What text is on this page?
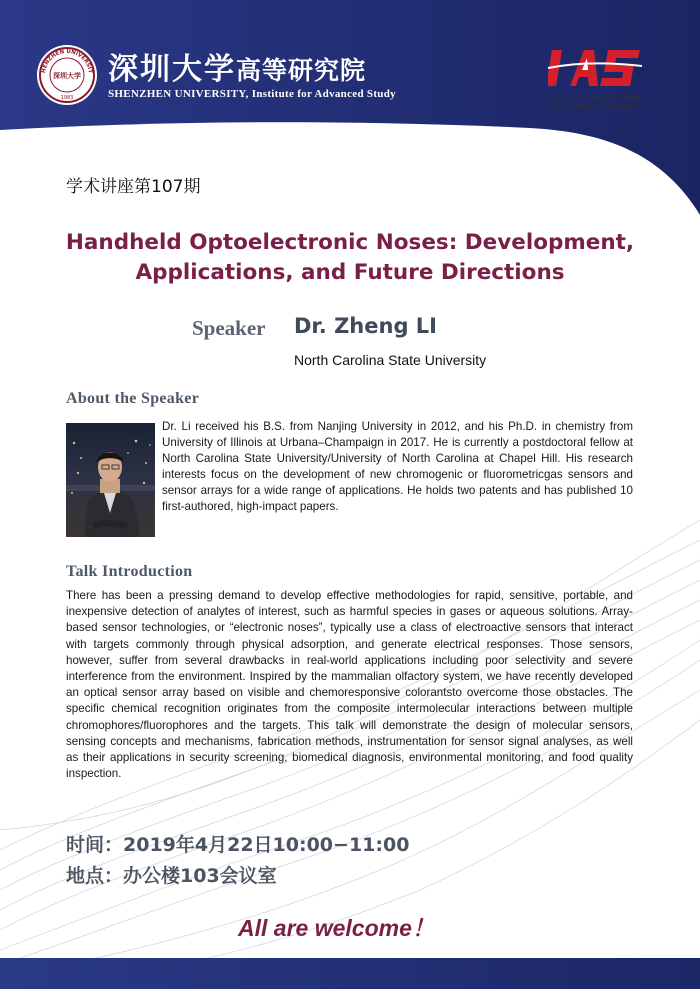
HENZHEN UNIVERSIT
深圳大学
1983
深圳大学高等研究院
SHENZHEN UNIVERSITY, Institute for Advanced Study	Institute for Advanced Study
SHENZHEN UNIVERSITY
学术讲座第107期
Handheld Optoelectronic Noses: Development,
Applications, and Future Directions
Speaker Dr. Zheng LI
North Carolina State University
About the Speaker
Dr. Li received his B.S. from Nanjing University in 2012, and his Ph.D. in chemistry from University of Illinois at Urbana–Champaign in 2017. He is currently a postdoctoral fellow at North Carolina State University/University of North Carolina at Chapel Hill. His research interests focus on the development of new chromogenic or fluorometricgas sensors and sensor arrays for a wide range of applications. He holds two patents and has published 10 first-authored, high-impact papers.
Talk Introduction
There has been a pressing demand to develop effective methodologies for rapid, sensitive, portable, and inexpensive detection of analytes of interest, such as harmful species in gases or aqueous solutions. Array-based sensor technologies, or “electronic noses”, typically use a class of electroactive sensors that interact with targets commonly through physical adsorption, and generate electrical responses. Those sensors, however, suffer from several drawbacks in real-world applications including poor selectivity and severe interference from the environment. Inspired by the mammalian olfactory system, we have recently developed an optical sensor array based on visible and chemoresponsive colorantsto overcome those obstacles. The specific chemical recognition originates from the composite intermolecular interactions between multiple chromophores/fluorophores and the targets. This talk will demonstrate the design of molecular sensors, sensing concepts and mechanisms, fabrication methods, instrumentation for sensor signal analyses, as well as their applications in security screening, biomedical diagnosis, environmental monitoring, and food quality inspection.
时间：2019年4月22日10:00−11:00
地点：办公楼103会议室
All are welcome！
